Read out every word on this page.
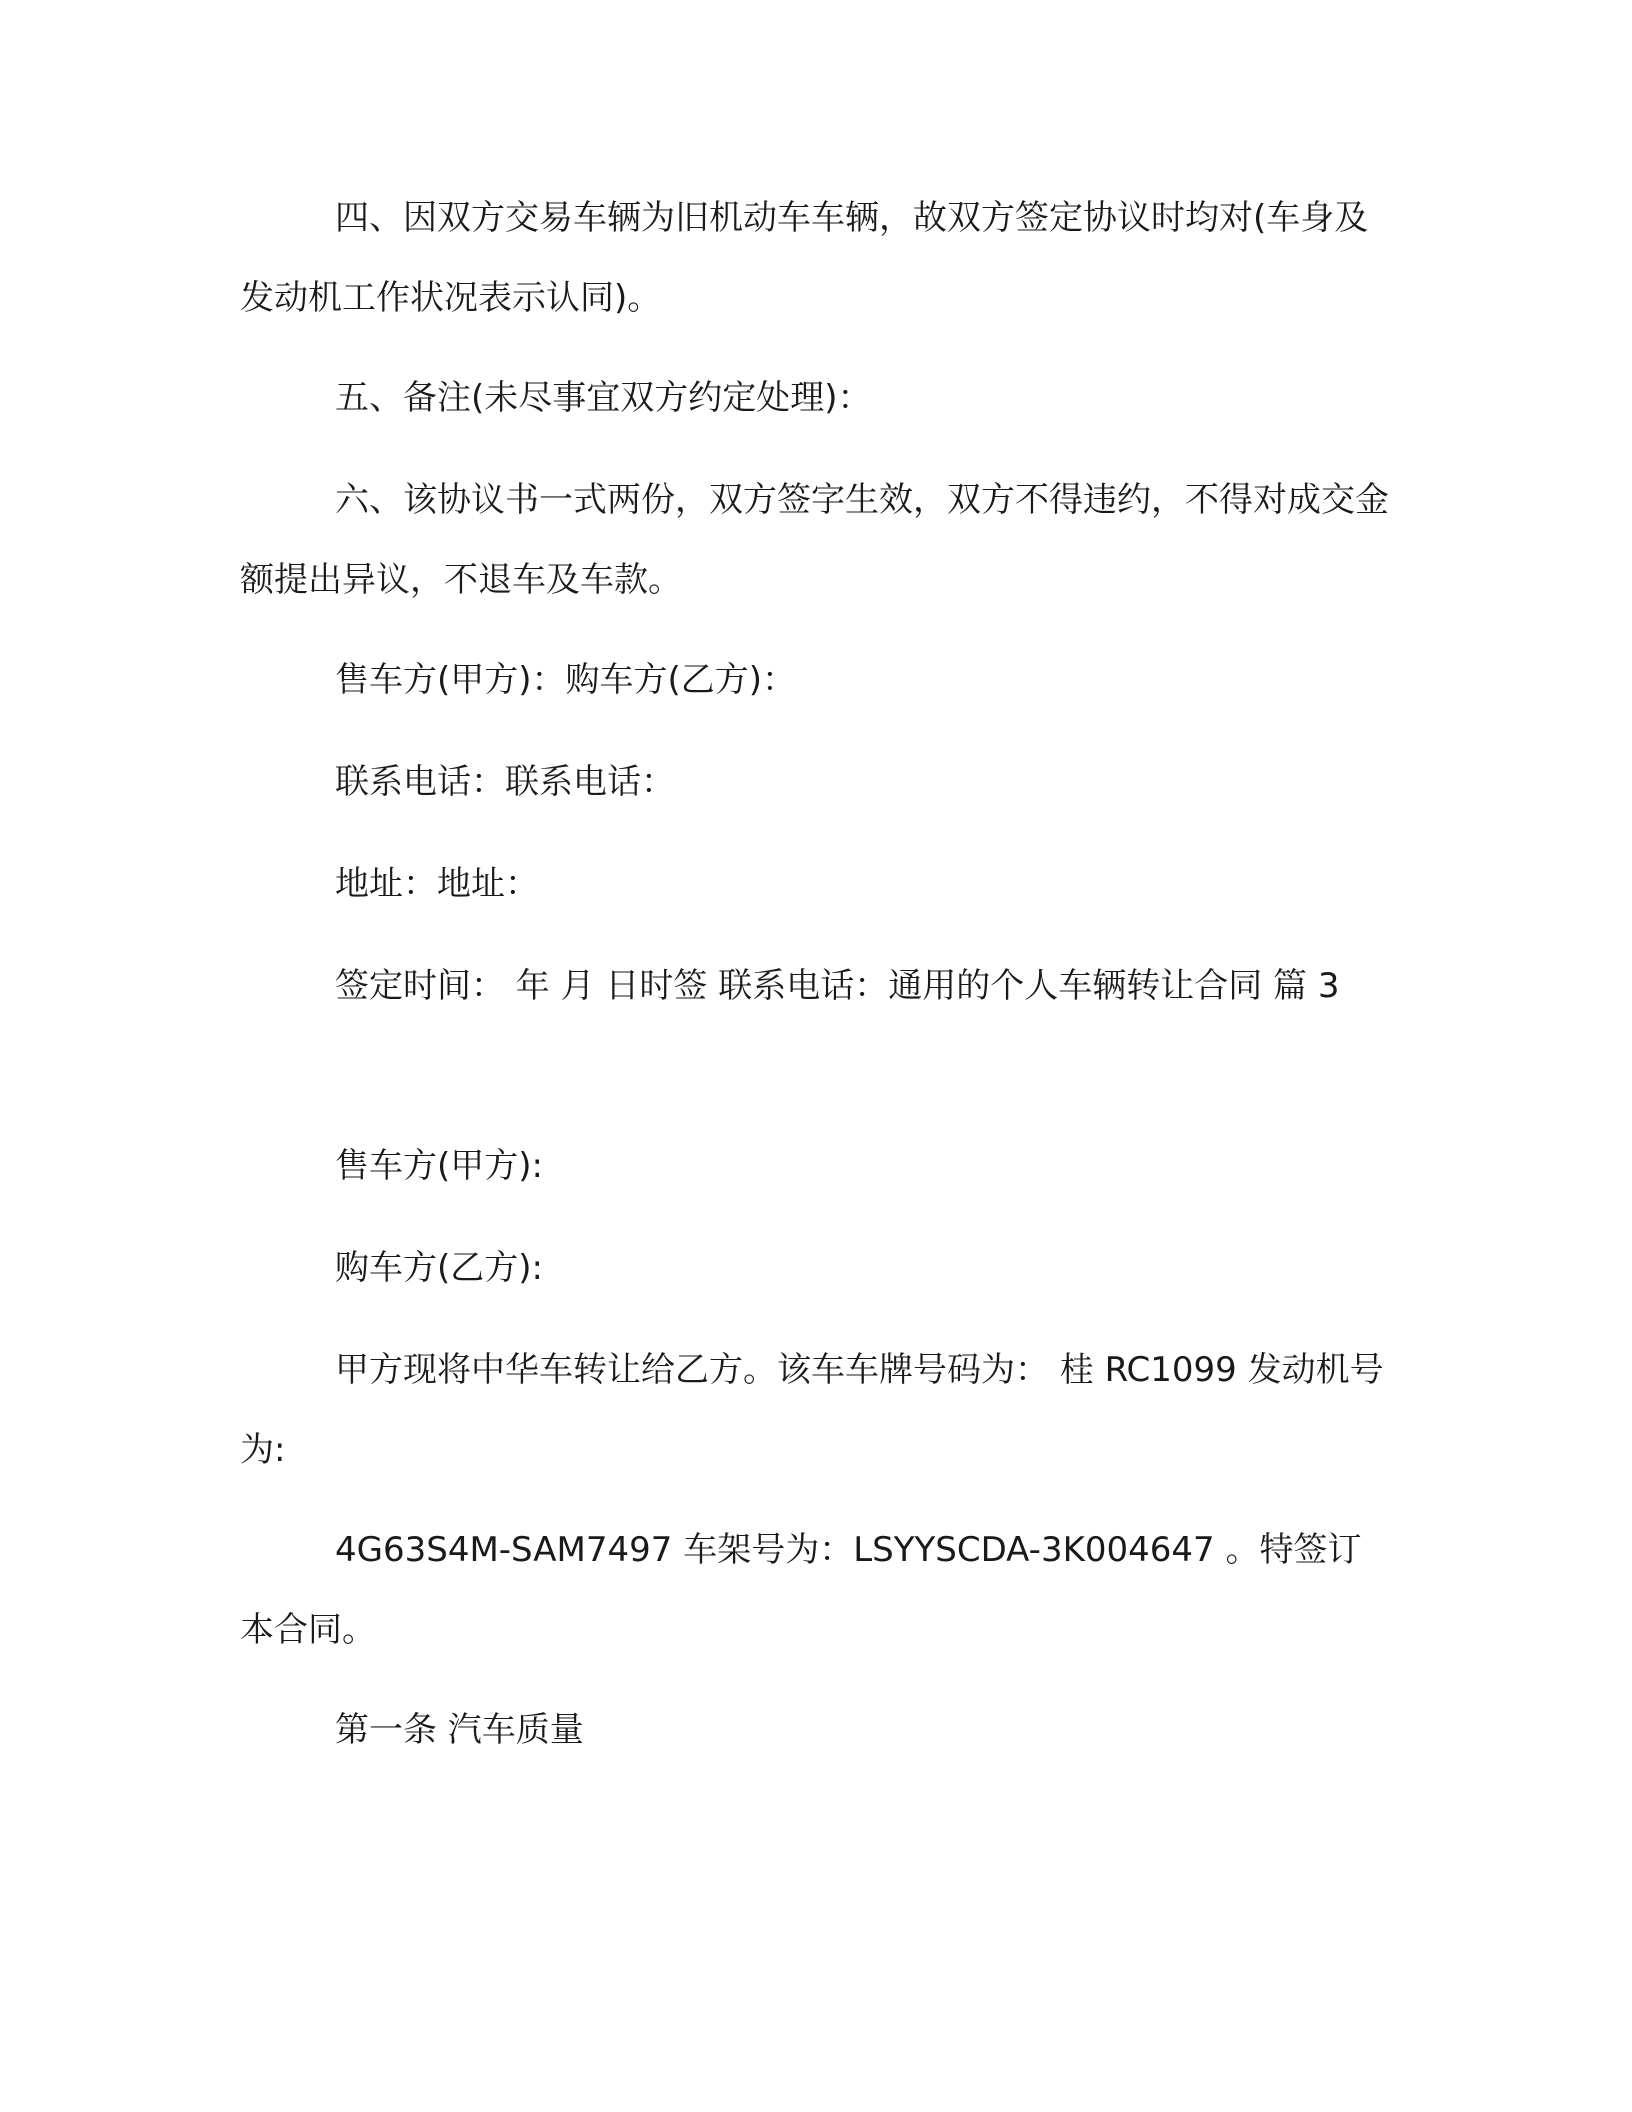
四、因双方交易车辆为旧机动车车辆，故双方签定协议时均对(车身及发动机工作状况表示认同)。

五、备注(未尽事宜双方约定处理)：

六、该协议书一式两份，双方签字生效，双方不得违约，不得对成交金额提出异议，不退车及车款。

售车方(甲方)：购车方(乙方)：

联系电话：联系电话：

地址：地址：

签定时间： 年 月 日时签 联系电话：通用的个人车辆转让合同 篇 3

售车方(甲方):

购车方(乙方):

甲方现将中华车转让给乙方。该车车牌号码为： 桂 RC1099 发动机号为:

4G63S4M-SAM7497 车架号为：LSYYSCDA-3K004647 。特签订本合同。

第一条 汽车质量
